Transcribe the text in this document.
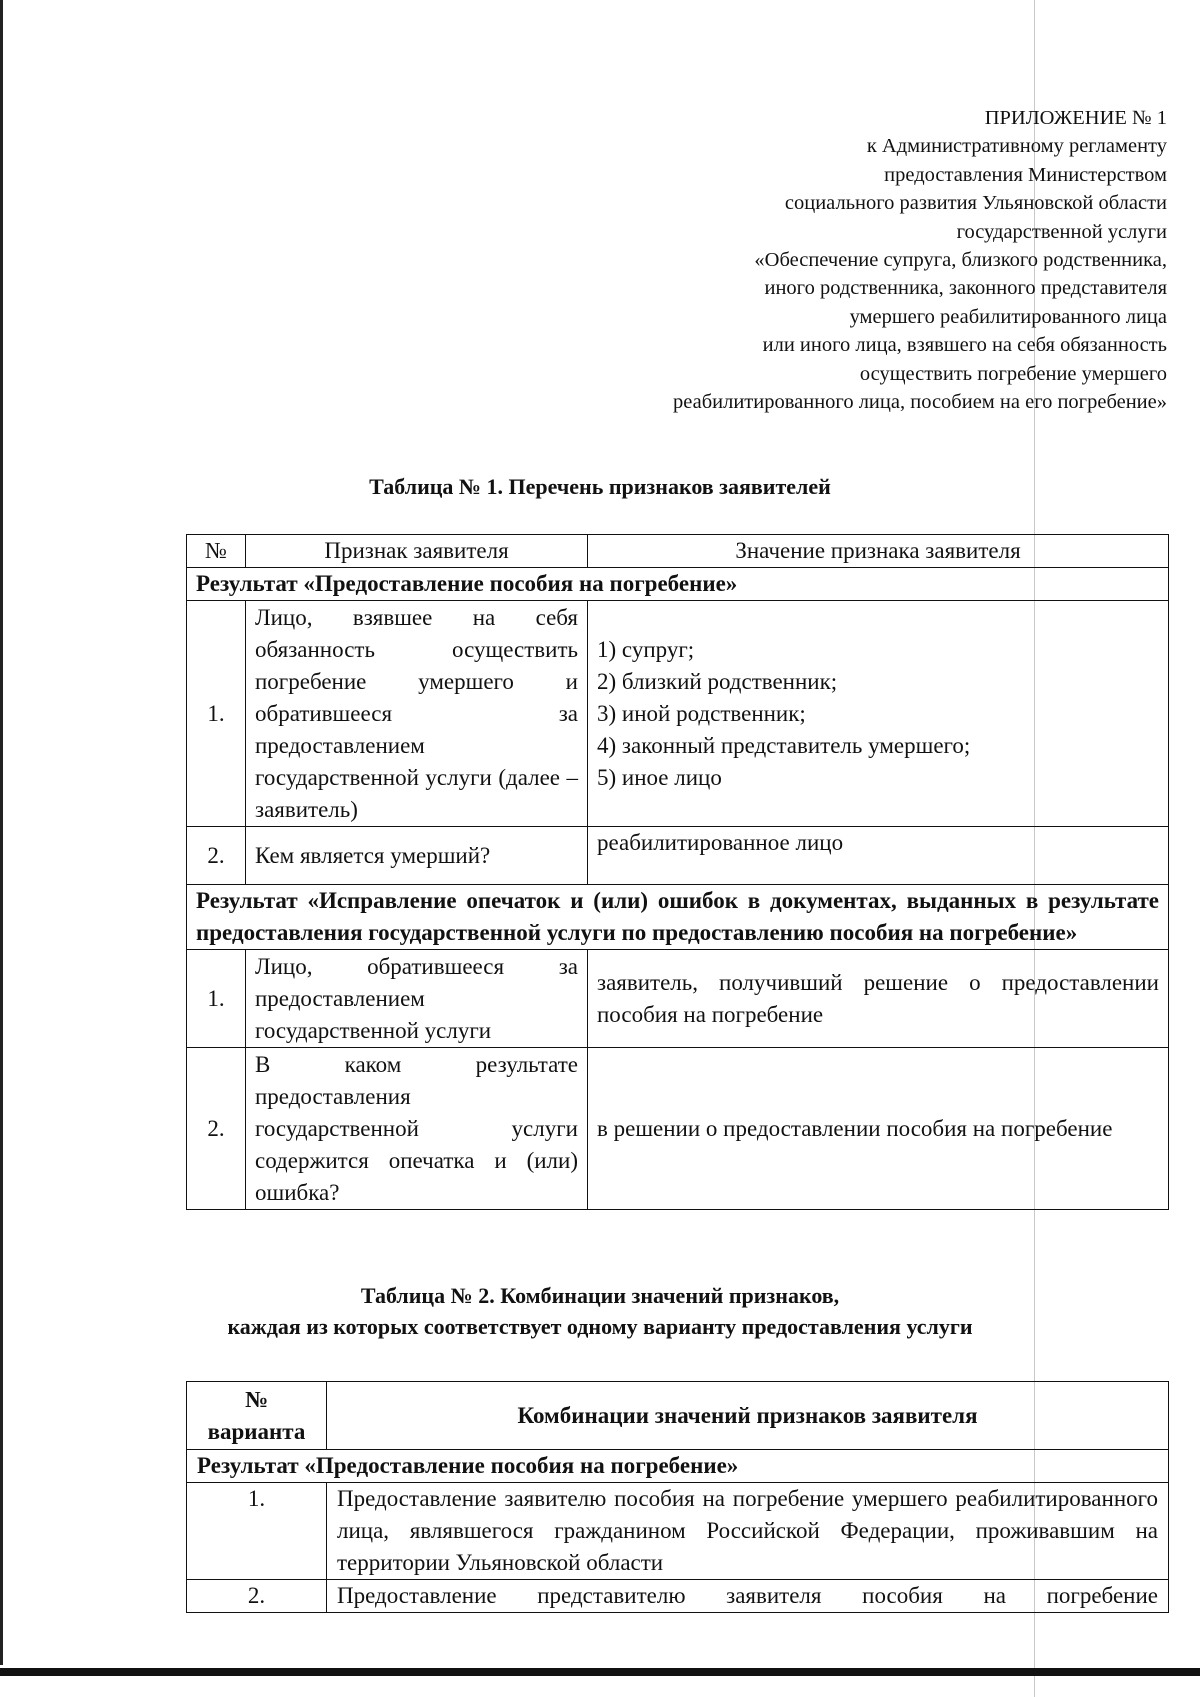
ПРИЛОЖЕНИЕ № 1
к Административному регламенту
предоставления Министерством
социального развития Ульяновской области
государственной услуги
«Обеспечение супруга, близкого родственника,
иного родственника, законного представителя
умершего реабилитированного лица
или иного лица, взявшего на себя обязанность
осуществить погребение умершего
реабилитированного лица, пособием на его погребение»
Таблица № 1. Перечень признаков заявителей
№	Признак заявителя	Значение признака заявителя
Результат «Предоставление пособия на погребение»		
1.	Лицо, взявшее на себя обязанность осуществить погребение умершего и обратившееся за предоставлением государственной услуги (далее – заявитель)	1) супруг;
2) близкий родственник;
3) иной родственник;
4) законный представитель умершего;
5) иное лицо

2.	Кем является умерший?	реабилитированное лицо
Результат «Исправление опечаток и (или) ошибок в документах, выданных в результате предоставления государственной услуги по предоставлению пособия на погребение»		
1.	Лицо, обратившееся за предоставлением государственной услуги	заявитель, получивший решение о предоставлении пособия на погребение
2.	В каком результате предоставления государственной услуги содержится опечатка и (или) ошибка?	в решении о предоставлении пособия на погребение
Таблица № 2. Комбинации значений признаков,
каждая из которых соответствует одному варианту предоставления услуги
№
варианта	Комбинации значений признаков заявителя
Результат «Предоставление пособия на погребение»	
1.	Предоставление заявителю пособия на погребение умершего реабилитированного лица, являвшегося гражданином Российской Федерации, проживавшим на территории Ульяновской области
2.	Предоставление представителю заявителя пособия на погребение
